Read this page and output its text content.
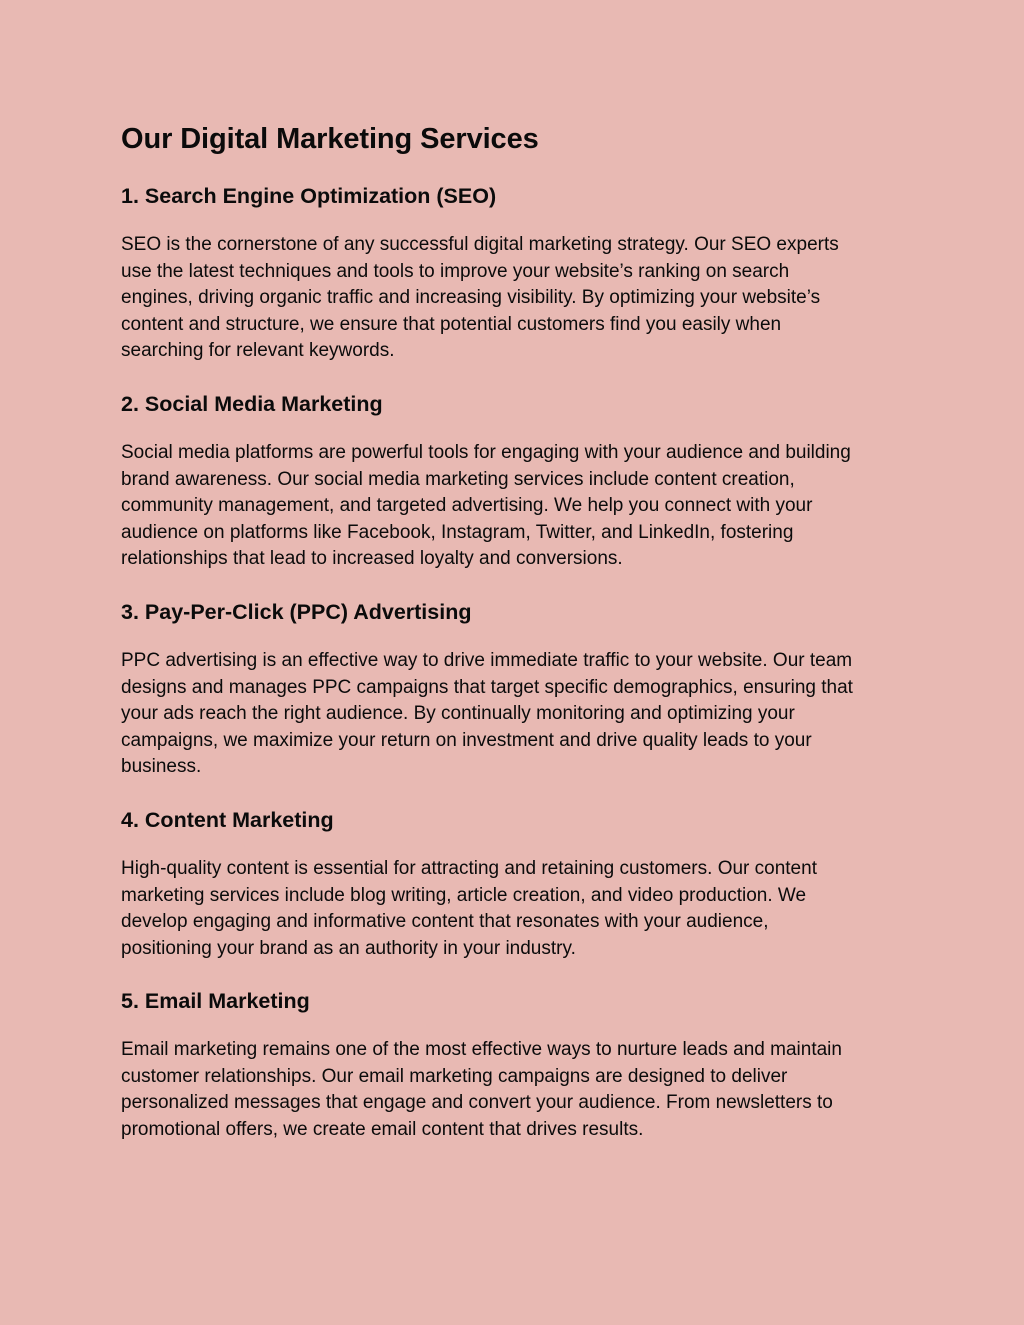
Our Digital Marketing Services
1. Search Engine Optimization (SEO)

SEO is the cornerstone of any successful digital marketing strategy. Our SEO experts
use the latest techniques and tools to improve your website’s ranking on search
engines, driving organic traffic and increasing visibility. By optimizing your website’s
content and structure, we ensure that potential customers find you easily when
searching for relevant keywords.

2. Social Media Marketing

Social media platforms are powerful tools for engaging with your audience and building
brand awareness. Our social media marketing services include content creation,
community management, and targeted advertising. We help you connect with your
audience on platforms like Facebook, Instagram, Twitter, and LinkedIn, fostering
relationships that lead to increased loyalty and conversions.

3. Pay-Per-Click (PPC) Advertising

PPC advertising is an effective way to drive immediate traffic to your website. Our team
designs and manages PPC campaigns that target specific demographics, ensuring that
your ads reach the right audience. By continually monitoring and optimizing your
campaigns, we maximize your return on investment and drive quality leads to your
business.

4. Content Marketing

High-quality content is essential for attracting and retaining customers. Our content
marketing services include blog writing, article creation, and video production. We
develop engaging and informative content that resonates with your audience,
positioning your brand as an authority in your industry.

5. Email Marketing

Email marketing remains one of the most effective ways to nurture leads and maintain
customer relationships. Our email marketing campaigns are designed to deliver
personalized messages that engage and convert your audience. From newsletters to
promotional offers, we create email content that drives results.
